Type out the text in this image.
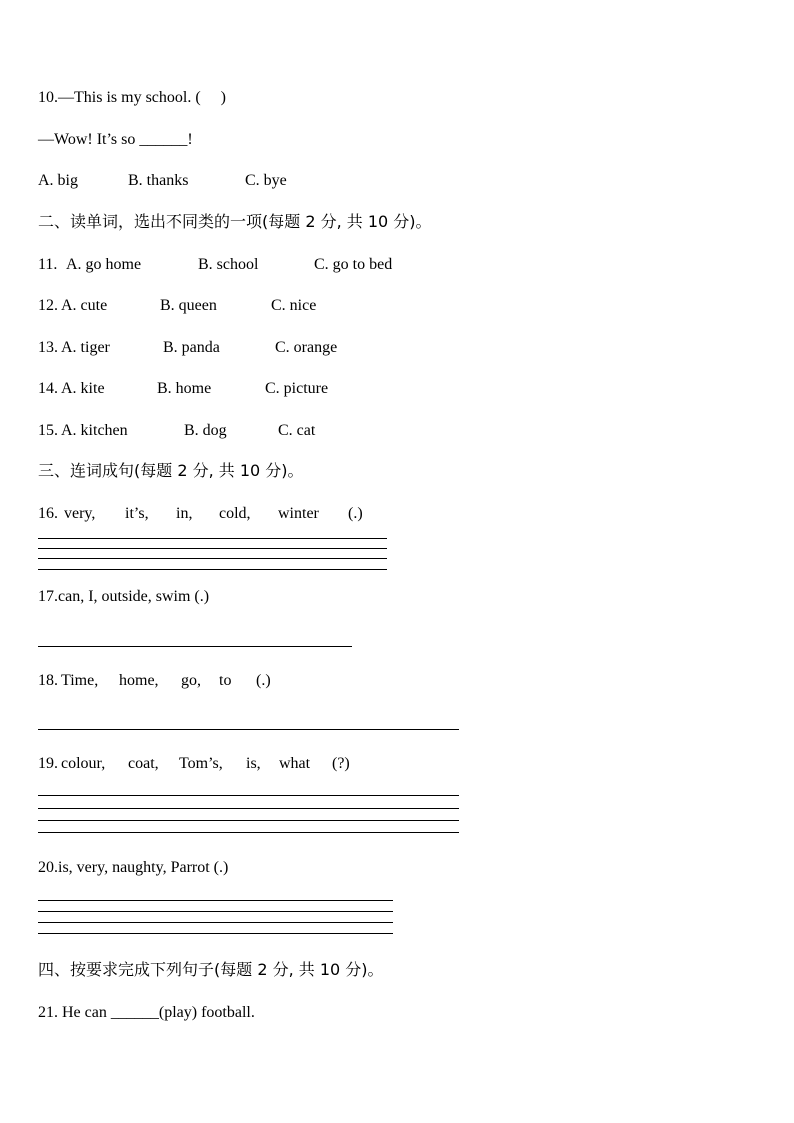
10.—This is my school. (     )
—Wow! It’s so ______!
A. big	B. thanks	C. bye
二、读单词，选出不同类的一项(每题 2 分, 共 10 分)。
11. A. go home	B. school	C. go to bed
12. A. cute	B. queen	C. nice
13. A. tiger	B. panda	C. orange
14. A. kite	B. home	C. picture
15. A. kitchen	B. dog	C. cat
三、连词成句(每题 2 分, 共 10 分)。
16. very, it’s, in, cold, winter (.)
17.can, I, outside, swim (.)
18. Time, home, go, to (.)
19. colour, coat, Tom’s, is, what (?)
20.is, very, naughty, Parrot (.)
四、按要求完成下列句子(每题 2 分, 共 10 分)。
21. He can ______(play) football.
